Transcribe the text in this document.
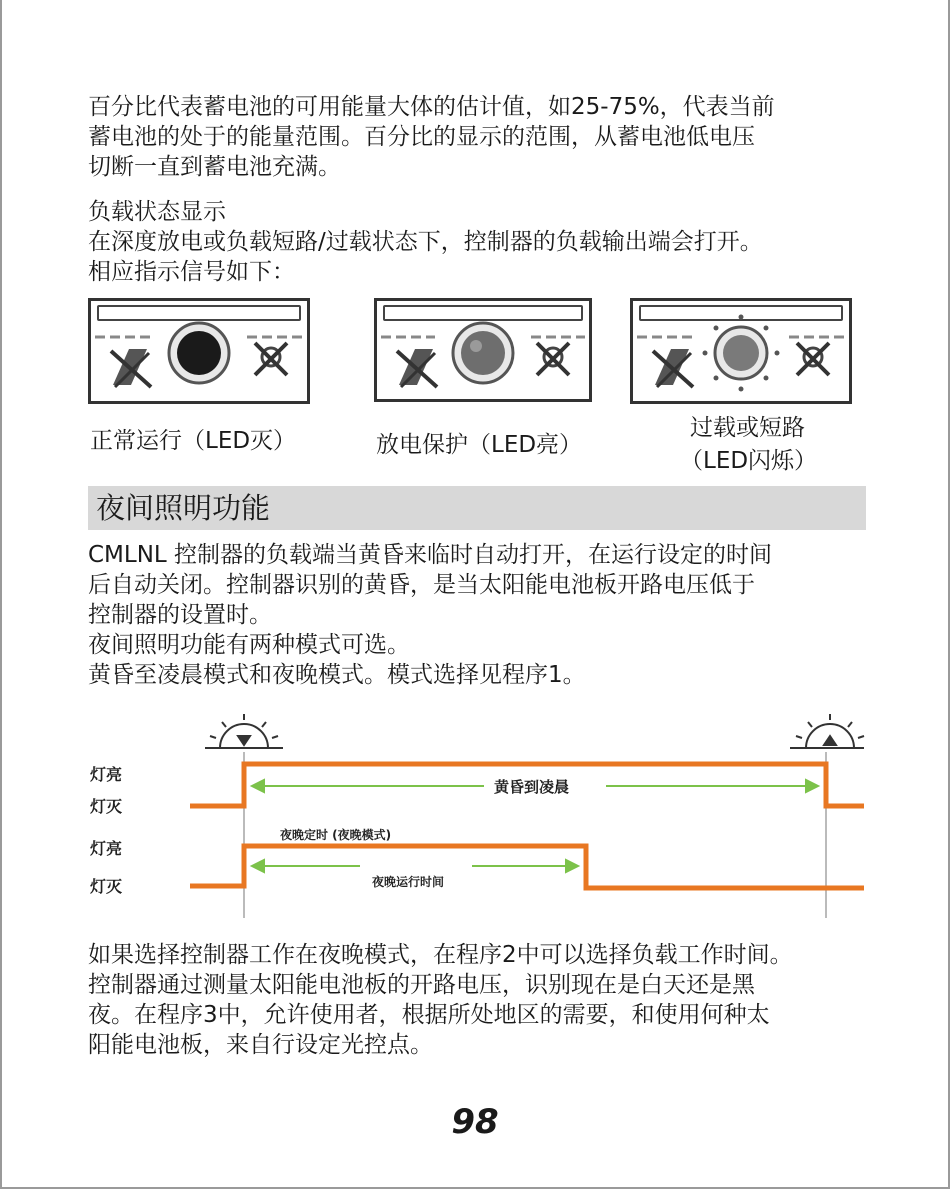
百分比代表蓄电池的可用能量大体的估计值，如25-75%，代表当前
蓄电池的处于的能量范围。百分比的显示的范围，从蓄电池低电压
切断一直到蓄电池充满。
负载状态显示
在深度放电或负载短路/过载状态下，控制器的负载输出端会打开。
相应指示信号如下：
正常运行（LED灭）	放电保护（LED亮）
过载或短路
（LED闪烁）
夜间照明功能
CMLNL 控制器的负载端当黄昏来临时自动打开，在运行设定的时间
后自动关闭。控制器识别的黄昏，是当太阳能电池板开路电压低于
控制器的设置时。
夜间照明功能有两种模式可选。
黄昏至凌晨模式和夜晚模式。模式选择见程序1。
灯亮
灯灭
灯亮
灯灭
黄昏到凌晨
夜晚定时 (夜晚模式)
夜晚运行时间
如果选择控制器工作在夜晚模式，在程序2中可以选择负载工作时间。
控制器通过测量太阳能电池板的开路电压，识别现在是白天还是黑
夜。在程序3中，允许使用者，根据所处地区的需要，和使用何种太
阳能电池板，来自行设定光控点。
98
